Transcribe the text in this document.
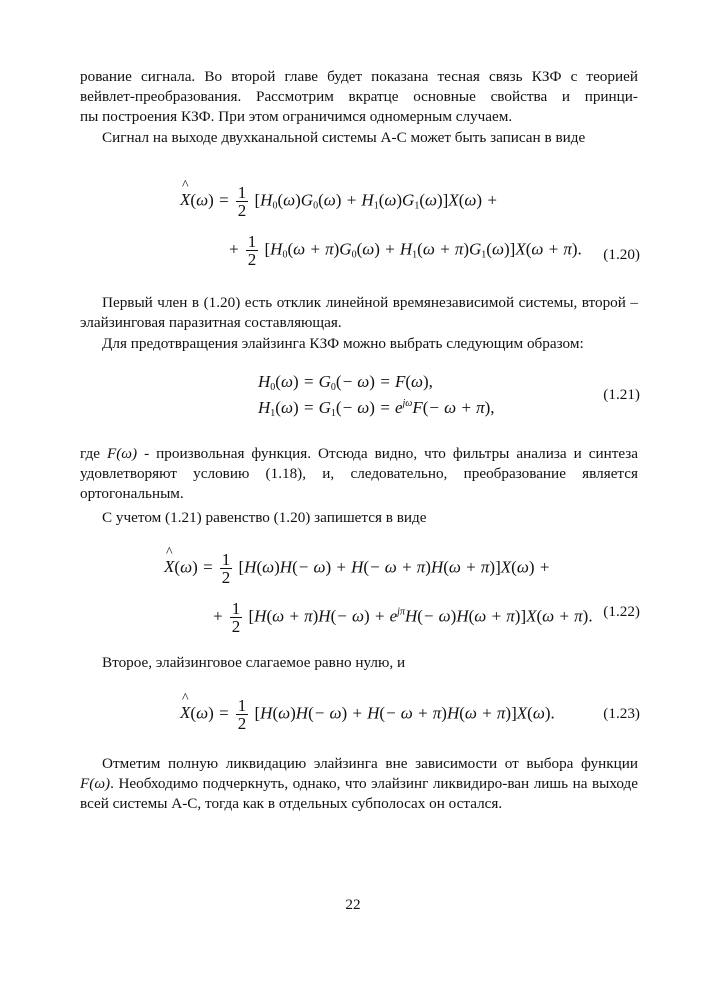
рование сигнала. Во второй главе будет показана тесная связь КЗФ с теорией

вейвлет-преобразования. Рассмотрим вкратце основные свойства и принци-

пы построения КЗФ. При этом ограничимся одномерным случаем.

Сигнал на выходе двухканальной системы А-С может быть записан в виде

^ $X(\omega) = \frac{1}{2} [H_0(\omega)G_0(\omega) + H_1(\omega)G_1(\omega)]X(\omega)$ +
+ $\frac{1}{2} [H_0(\omega + \pi)G_0(\omega) + H_1(\omega + \pi)G_1(\omega)]X(\omega + \pi)$. (1.20)

Первый член в (1.20) есть отклик линейной времянезависимой системы, второй – элайзинговая паразитная составляющая.

Для предотвращения элайзинга КЗФ можно выбрать следующим образом:

$H_0(\omega) = G_0(- \omega) = F(\omega)$,
$H_1(\omega) = G_1(- \omega) = e^{j\omega}F(- \omega + \pi)$,
(1.21)

где F(ω) - произвольная функция. Отсюда видно, что фильтры анализа и синтеза удовлетворяют условию (1.18), и, следовательно, преобразование является ортогональным.

С учетом (1.21) равенство (1.20) запишется в виде

^ $X(\omega) = \frac{1}{2} [H(\omega)H(- \omega) + H(- \omega + \pi)H(\omega + \pi)]X(\omega)$ +
+ $\frac{1}{2} [H(\omega + \pi)H(- \omega) + e^{j\pi}H(- \omega)H(\omega + \pi)]X(\omega + \pi)$. (1.22)

Второе, элайзинговое слагаемое равно нулю, и

^ $X(\omega) = \frac{1}{2} [H(\omega)H(- \omega) + H(- \omega + \pi)H(\omega + \pi)]X(\omega)$.	(1.23)

Отметим полную ликвидацию элайзинга вне зависимости от выбора функции F(ω). Необходимо подчеркнуть, однако, что элайзинг ликвидиро-ван лишь на выходе всей системы А-С, тогда как в отдельных субполосах он остался.

22
